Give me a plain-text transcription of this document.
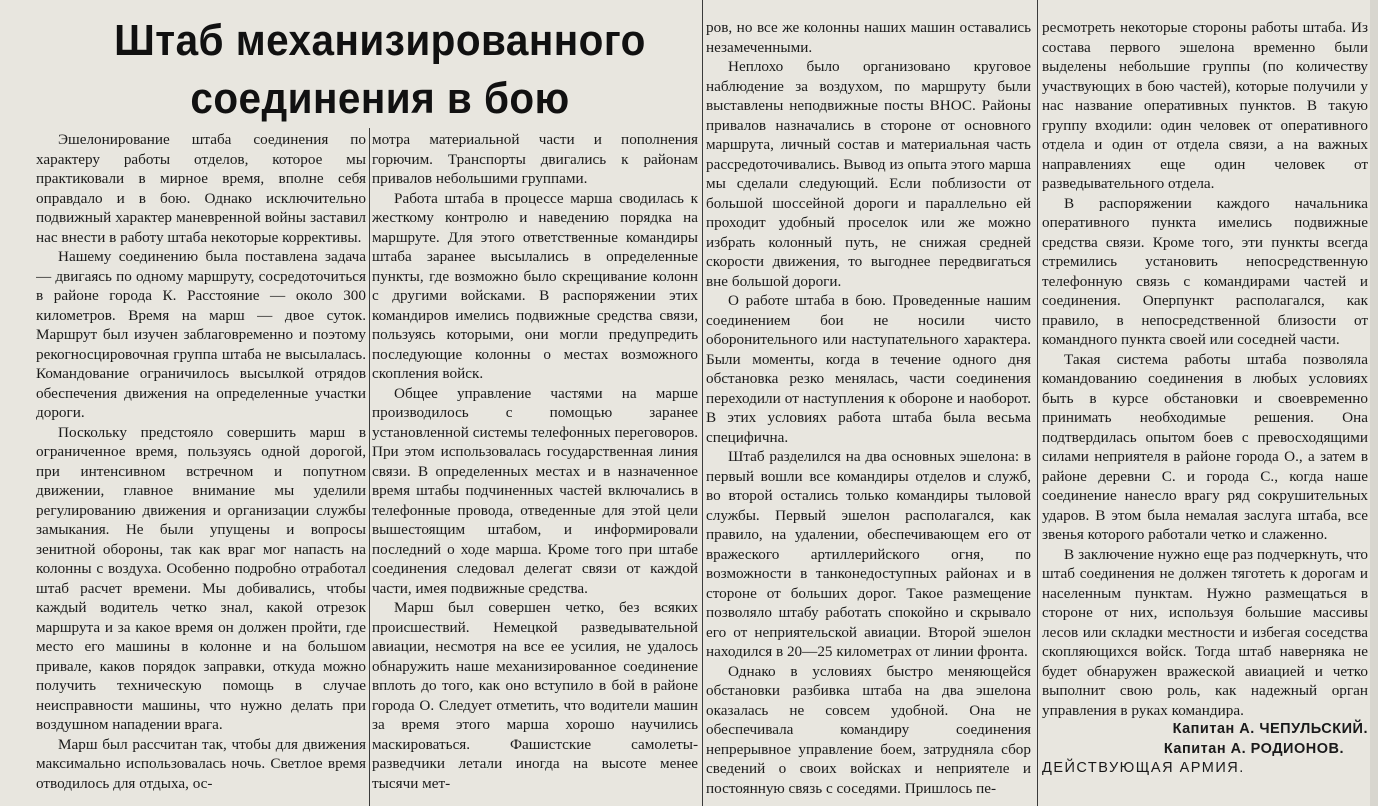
Штаб механизированного соединения в бою

Эшелонирование штаба соединения по характеру работы отделов, которое мы практиковали в мирное время, вполне себя оправдало и в бою. Однако исключительно подвижный характер маневренной войны заставил нас внести в работу штаба некоторые коррективы.

Нашему соединению была поставлена задача — двигаясь по одному маршруту, сосредоточиться в районе города К. Расстояние — около 300 километров. Время на марш — двое суток. Маршрут был изучен заблаговременно и поэтому рекогносцировочная группа штаба не высылалась. Командование ограничилось высылкой отрядов обеспечения движения на определенные участки дороги.

Поскольку предстояло совершить марш в ограниченное время, пользуясь одной дорогой, при интенсивном встречном и попутном движении, главное внимание мы уделили регулированию движения и организации службы замыкания. Не были упущены и вопросы зенитной обороны, так как враг мог напасть на колонны с воздуха. Особенно подробно отработал штаб расчет времени. Мы добивались, чтобы каждый водитель четко знал, какой отрезок маршрута и за какое время он должен пройти, где место его машины в колонне и на большом привале, каков порядок заправки, откуда можно получить техническую помощь в случае неисправности машины, что нужно делать при воздушном нападении врага.

Марш был рассчитан так, чтобы для движения максимально использовалась ночь. Светлое время отводилось для отдыха, ос-

мотра материальной части и пополнения горючим. Транспорты двигались к районам привалов небольшими группами.

Работа штаба в процессе марша сводилась к жесткому контролю и наведению порядка на маршруте. Для этого ответственные командиры штаба заранее высылались в определенные пункты, где возможно было скрещивание колонн с другими войсками. В распоряжении этих командиров имелись подвижные средства связи, пользуясь которыми, они могли предупредить последующие колонны о местах возможного скопления войск.

Общее управление частями на марше производилось с помощью заранее установленной системы телефонных переговоров. При этом использовалась государственная линия связи. В определенных местах и в назначенное время штабы подчиненных частей включались в телефонные провода, отведенные для этой цели вышестоящим штабом, и информировали последний о ходе марша. Кроме того при штабе соединения следовал делегат связи от каждой части, имея подвижные средства.

Марш был совершен четко, без всяких происшествий. Немецкой разведывательной авиации, несмотря на все ее усилия, не удалось обнаружить наше механизированное соединение вплоть до того, как оно вступило в бой в районе города О. Следует отметить, что водители машин за время этого марша хорошо научились маскироваться. Фашистские самолеты-разведчики летали иногда на высоте менее тысячи мет-

ров, но все же колонны наших машин оставались незамеченными.

Неплохо было организовано круговое наблюдение за воздухом, по маршруту были выставлены неподвижные посты ВНОС. Районы привалов назначались в стороне от основного маршрута, личный состав и материальная часть рассредоточивались. Вывод из опыта этого марша мы сделали следующий. Если поблизости от большой шоссейной дороги и параллельно ей проходит удобный проселок или же можно избрать колонный путь, не снижая средней скорости движения, то выгоднее передвигаться вне большой дороги.

О работе штаба в бою. Проведенные нашим соединением бои не носили чисто оборонительного или наступательного характера. Были моменты, когда в течение одного дня обстановка резко менялась, части соединения переходили от наступления к обороне и наоборот. В этих условиях работа штаба была весьма специфична.

Штаб разделился на два основных эшелона: в первый вошли все командиры отделов и служб, во второй остались только командиры тыловой службы. Первый эшелон располагался, как правило, на удалении, обеспечивающем его от вражеского артиллерийского огня, по возможности в танконедоступных районах и в стороне от больших дорог. Такое размещение позволяло штабу работать спокойно и скрывало его от неприятельской авиации. Второй эшелон находился в 20—25 километрах от линии фронта.

Однако в условиях быстро меняющейся обстановки разбивка штаба на два эшелона оказалась не совсем удобной. Она не обеспечивала командиру соединения непрерывное управление боем, затрудняла сбор сведений о своих войсках и неприятеле и постоянную связь с соседями. Пришлось пе-

ресмотреть некоторые стороны работы штаба. Из состава первого эшелона временно были выделены небольшие группы (по количеству участвующих в бою частей), которые получили у нас название оперативных пунктов. В такую группу входили: один человек от оперативного отдела и один от отдела связи, а на важных направлениях еще один человек от разведывательного отдела.

В распоряжении каждого начальника оперативного пункта имелись подвижные средства связи. Кроме того, эти пункты всегда стремились установить непосредственную телефонную связь с командирами частей и соединения. Оперпункт располагался, как правило, в непосредственной близости от командного пункта своей или соседней части.

Такая система работы штаба позволяла командованию соединения в любых условиях быть в курсе обстановки и своевременно принимать необходимые решения. Она подтвердилась опытом боев с превосходящими силами неприятеля в районе города О., а затем в районе деревни С. и города С., когда наше соединение нанесло врагу ряд сокрушительных ударов. В этом была немалая заслуга штаба, все звенья которого работали четко и слаженно.

В заключение нужно еще раз подчеркнуть, что штаб соединения не должен тяготеть к дорогам и населенным пунктам. Нужно размещаться в стороне от них, используя большие массивы лесов или складки местности и избегая соседства скопляющихся войск. Тогда штаб наверняка не будет обнаружен вражеской авиацией и четко выполнит свою роль, как надежный орган управления в руках командира.

Капитан А. ЧЕПУЛЬСКИЙ.

Капитан А. РОДИОНОВ.

ДЕЙСТВУЮЩАЯ АРМИЯ.
